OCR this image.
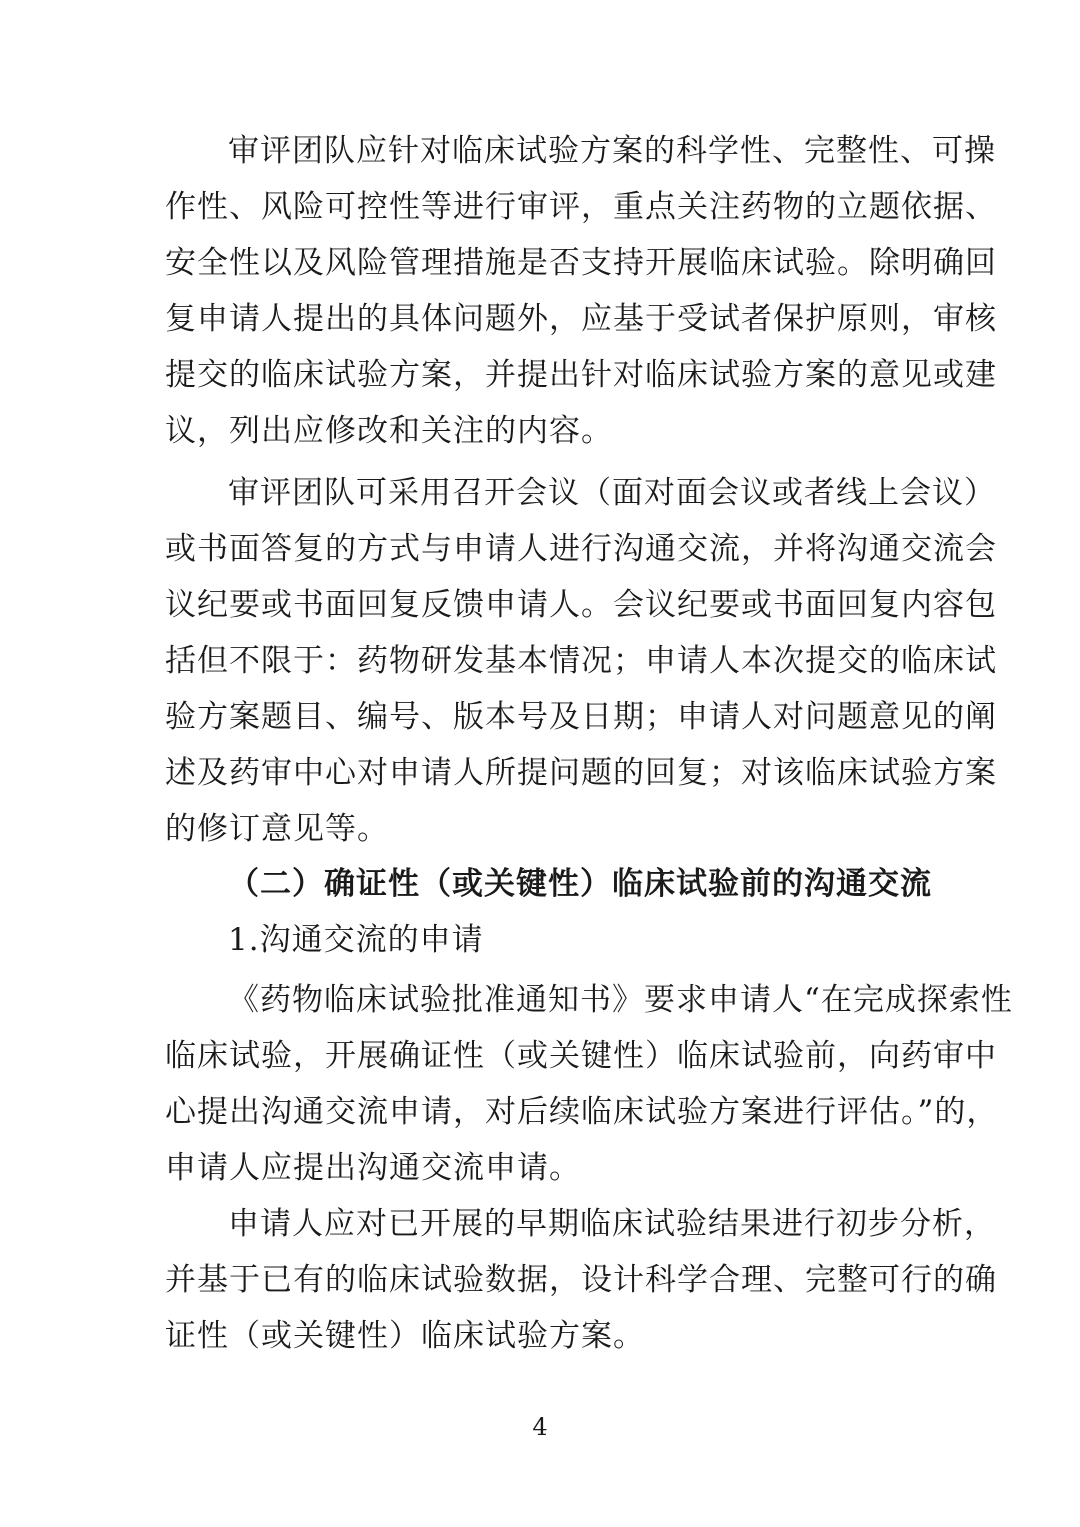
审评团队应针对临床试验方案的科学性、完整性、可操
作性、风险可控性等进行审评，重点关注药物的立题依据、
安全性以及风险管理措施是否支持开展临床试验。除明确回
复申请人提出的具体问题外，应基于受试者保护原则，审核
提交的临床试验方案，并提出针对临床试验方案的意见或建
议，列出应修改和关注的内容。
审评团队可采用召开会议（面对面会议或者线上会议）
或书面答复的方式与申请人进行沟通交流，并将沟通交流会
议纪要或书面回复反馈申请人。会议纪要或书面回复内容包
括但不限于：药物研发基本情况；申请人本次提交的临床试
验方案题目、编号、版本号及日期；申请人对问题意见的阐
述及药审中心对申请人所提问题的回复；对该临床试验方案
的修订意见等。
（二）确证性（或关键性）临床试验前的沟通交流
1.沟通交流的申请
《药物临床试验批准通知书》要求申请人“在完成探索性
临床试验，开展确证性（或关键性）临床试验前，向药审中
心提出沟通交流申请，对后续临床试验方案进行评估。”的，
申请人应提出沟通交流申请。
申请人应对已开展的早期临床试验结果进行初步分析，
并基于已有的临床试验数据，设计科学合理、完整可行的确
证性（或关键性）临床试验方案。
4
